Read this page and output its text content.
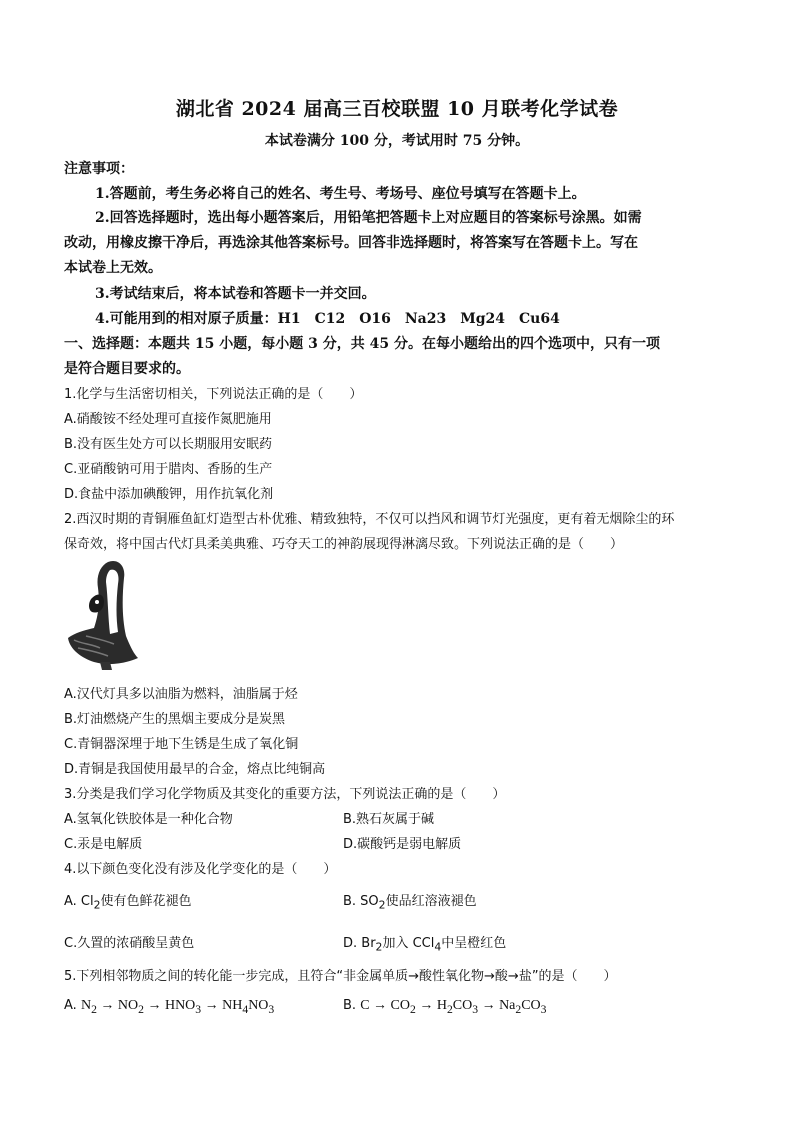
湖北省 2024 届高三百校联盟 10 月联考化学试卷
本试卷满分 100 分，考试用时 75 分钟。
注意事项：
1.答题前，考生务必将自己的姓名、考生号、考场号、座位号填写在答题卡上。
2.回答选择题时，选出每小题答案后，用铅笔把答题卡上对应题目的答案标号涂黑。如需
改动，用橡皮擦干净后，再选涂其他答案标号。回答非选择题时，将答案写在答题卡上。写在
本试卷上无效。
3.考试结束后，将本试卷和答题卡一并交回。
4.可能用到的相对原子质量：H1　C12　O16　Na23　Mg24　Cu64
一、选择题：本题共 15 小题，每小题 3 分，共 45 分。在每小题给出的四个选项中，只有一项
是符合题目要求的。
1.化学与生活密切相关，下列说法正确的是（　　）
A.硝酸铵不经处理可直接作氮肥施用
B.没有医生处方可以长期服用安眠药
C.亚硝酸钠可用于腊肉、香肠的生产
D.食盐中添加碘酸钾，用作抗氧化剂
2.西汉时期的青铜雁鱼缸灯造型古朴优雅、精致独特，不仅可以挡风和调节灯光强度，更有着无烟除尘的环
保奇效，将中国古代灯具柔美典雅、巧夺天工的神韵展现得淋漓尽致。下列说法正确的是（　　）
A.汉代灯具多以油脂为燃料，油脂属于烃
B.灯油燃烧产生的黑烟主要成分是炭黑
C.青铜器深埋于地下生锈是生成了氧化铜
D.青铜是我国使用最早的合金，熔点比纯铜高
3.分类是我们学习化学物质及其变化的重要方法，下列说法正确的是（　　）
A.氢氧化铁胶体是一种化合物	B.熟石灰属于碱
C.汞是电解质	D.碳酸钙是弱电解质
4.以下颜色变化没有涉及化学变化的是（　　）
A. $Cl_2$使有色鲜花褪色	B. $SO_2$使品红溶液褪色
C.久置的浓硝酸呈黄色	D. $Br_2$加入 CCl$_4$中呈橙红色
5.下列相邻物质之间的转化能一步完成，且符合“非金属单质→酸性氧化物→酸→盐”的是（　　）
A. $N_2 \to NO_2 \to HNO_3 \to NH_4NO_3$	B. $C \to CO_2 \to H_2CO_3 \to Na_2CO_3$
